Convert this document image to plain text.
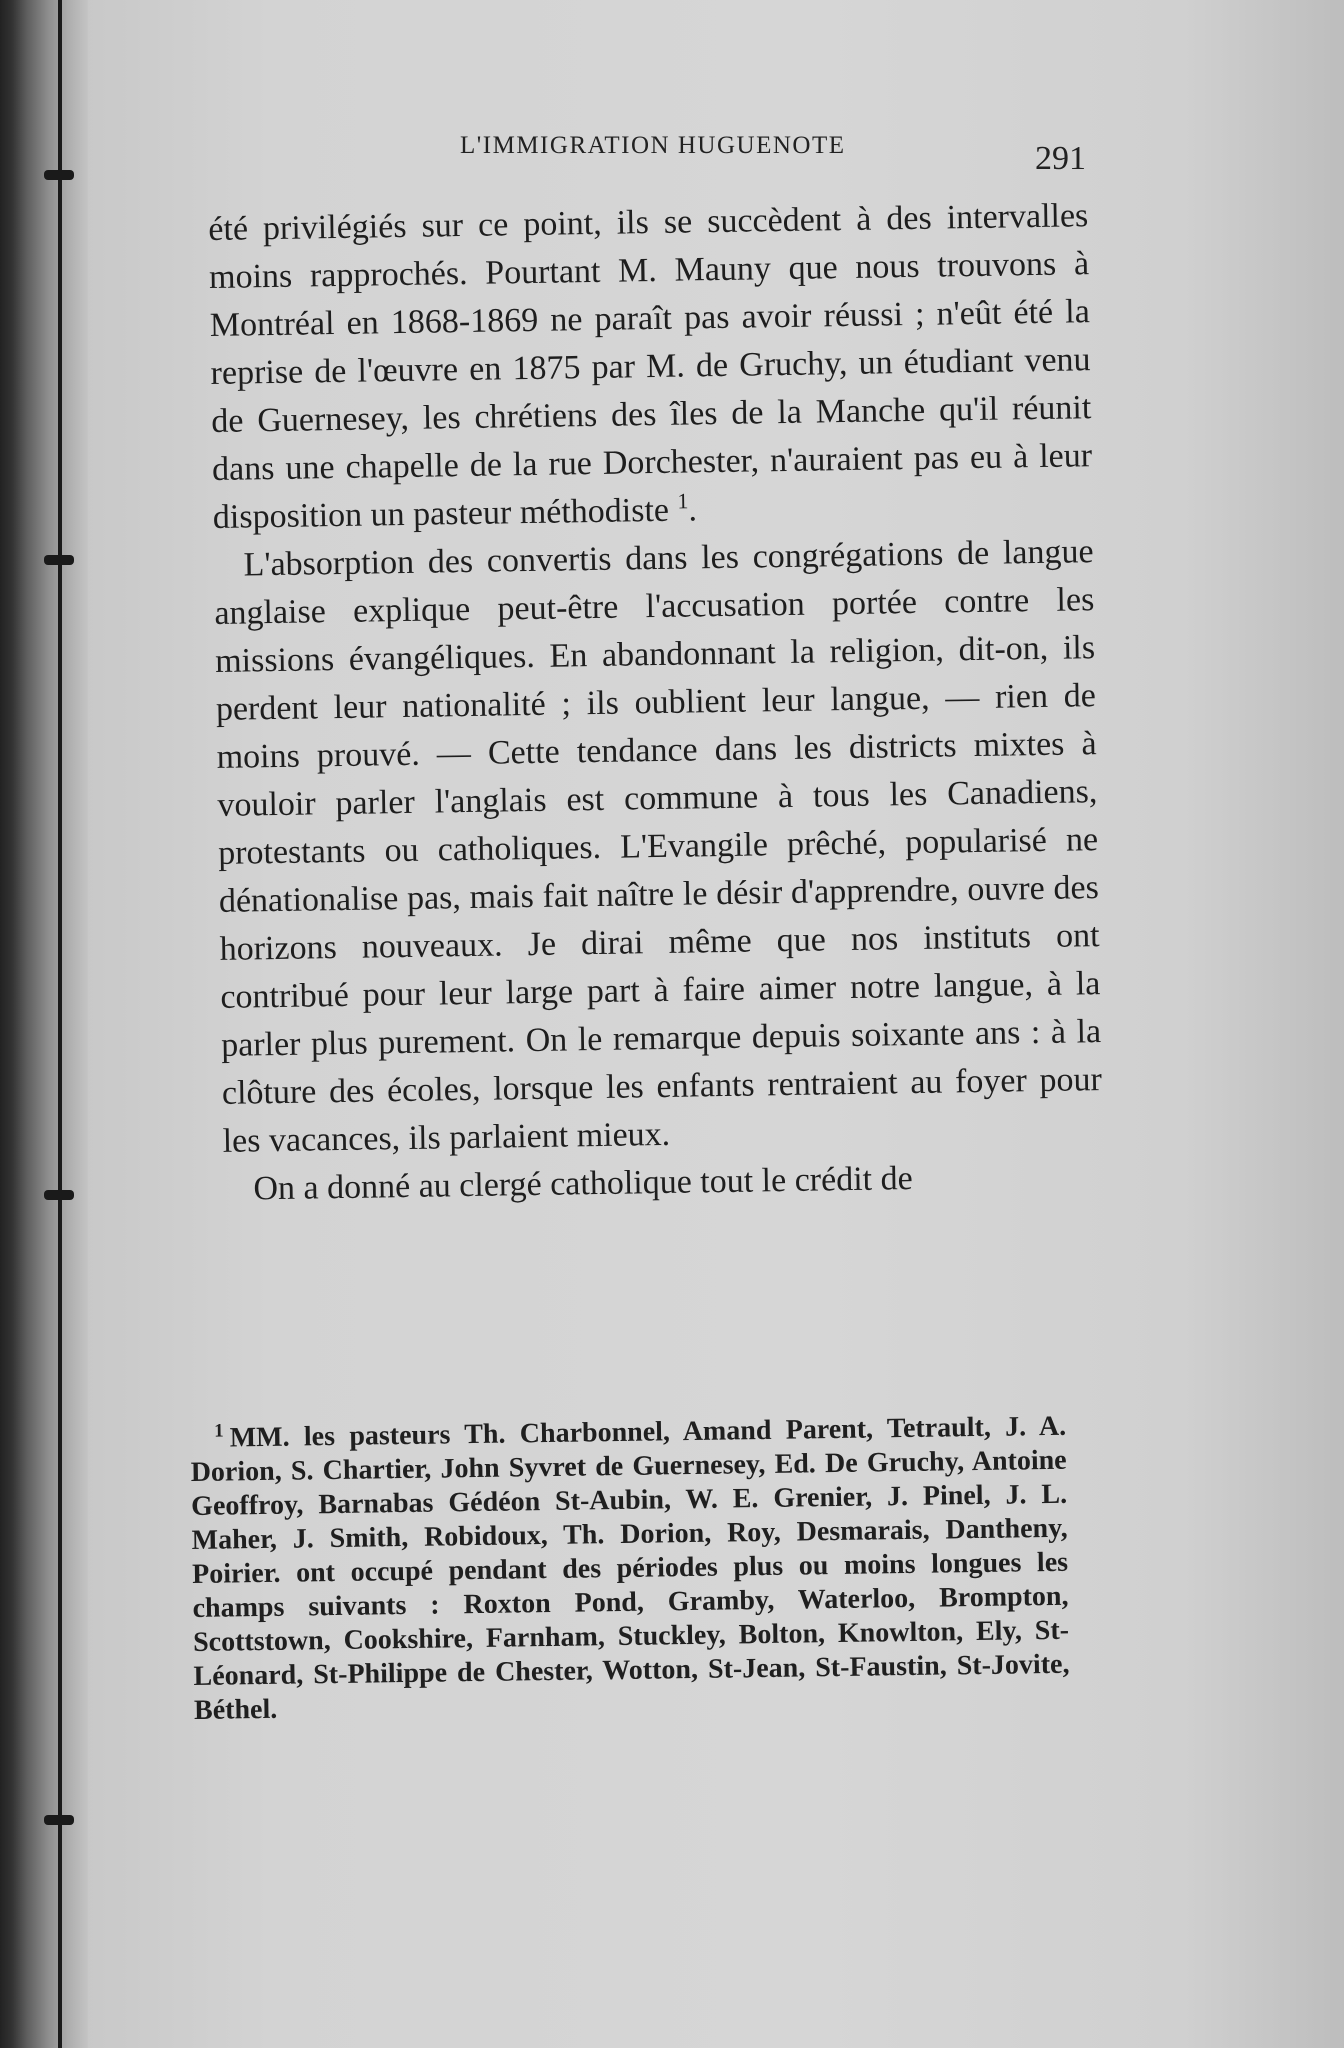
L'IMMIGRATION HUGUENOTE	291

été privilégiés sur ce point, ils se succèdent à des intervalles moins rapprochés. Pourtant M. Mauny que nous trouvons à Montréal en 1868-1869 ne paraît pas avoir réussi ; n'eût été la reprise de l'œuvre en 1875 par M. de Gruchy, un étudiant venu de Guernesey, les chrétiens des îles de la Manche qu'il réunit dans une chapelle de la rue Dorchester, n'auraient pas eu à leur disposition un pasteur méthodiste $^1$.

L'absorption des convertis dans les congrégations de langue anglaise explique peut-être l'accusation portée contre les missions évangéliques. En abandonnant la religion, dit-on, ils perdent leur nationalité ; ils oublient leur langue, — rien de moins prouvé. — Cette tendance dans les districts mixtes à vouloir parler l'anglais est commune à tous les Canadiens, protestants ou catholiques. L'Evangile prêché, popularisé ne dénationalise pas, mais fait naître le désir d'apprendre, ouvre des horizons nouveaux. Je dirai même que nos instituts ont contribué pour leur large part à faire aimer notre langue, à la parler plus purement. On le remarque depuis soixante ans : à la clôture des écoles, lorsque les enfants rentraient au foyer pour les vacances, ils parlaient mieux.

On a donné au clergé catholique tout le crédit de

$^1$ MM. les pasteurs Th. Charbonnel, Amand Parent, Tetrault, J. A. Dorion, S. Chartier, John Syvret de Guernesey, Ed. De Gruchy, Antoine Geoffroy, Barnabas Gédéon St-Aubin, W. E. Grenier, J. Pinel, J. L. Maher, J. Smith, Robidoux, Th. Dorion, Roy, Desmarais, Dantheny, Poirier. ont occupé pendant des périodes plus ou moins longues les champs suivants : Roxton Pond, Gramby, Waterloo, Brompton, Scottstown, Cookshire, Farnham, Stuckley, Bolton, Knowlton, Ely, St-Léonard, St-Philippe de Chester, Wotton, St-Jean, St-Faustin, St-Jovite, Béthel.
